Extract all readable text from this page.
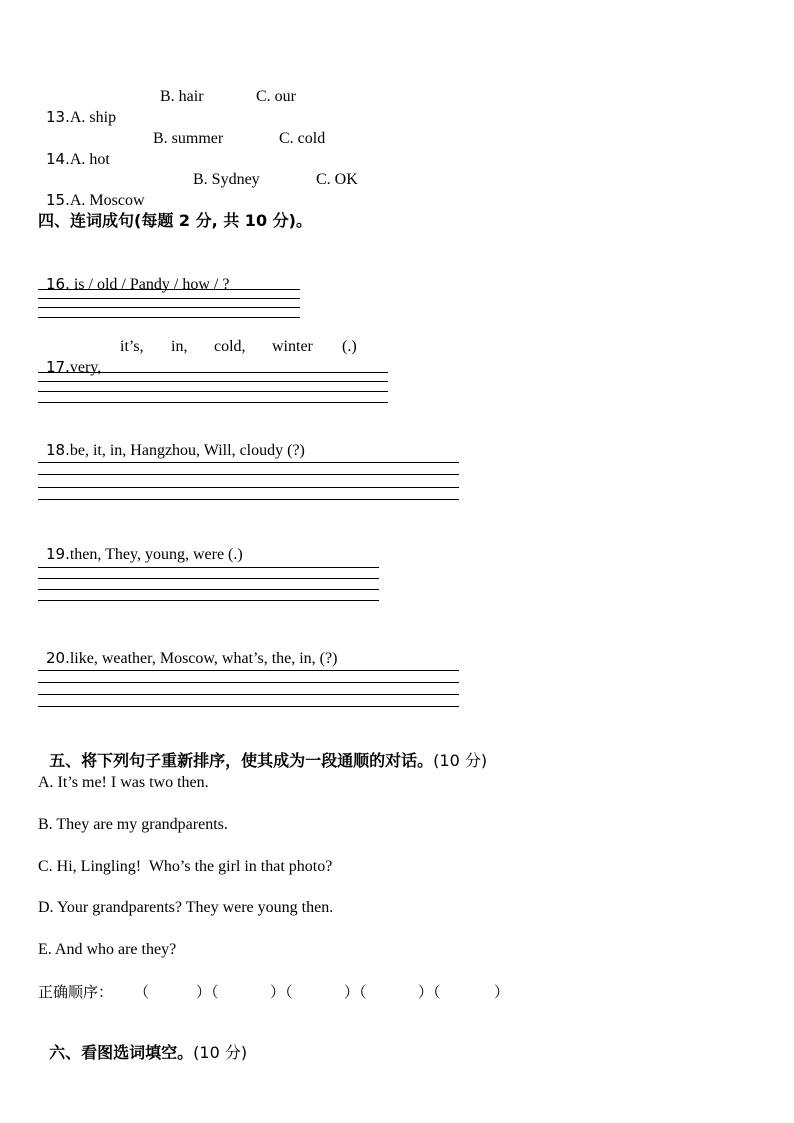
13.A. ship

B. hair	C. our

14.A. hot

B. summer	C. cold

15.A. Moscow

B. Sydney	C. OK
四、连词成句(每题 2 分, 共 10 分)。

16. is / old / Pandy / how / ?

17.very,

it’s, in, cold, winter (.)

18.be, it, in, Hangzhou, Will, cloudy (?)

19.then, They, young, were (.)

20.like, weather, Moscow, what’s, the, in, (?)

五、将下列句子重新排序，使其成为一段通顺的对话。(10 分)

A. It’s me! I was two then.
B. They are my grandparents.
C. Hi, Lingling!  Who’s the girl in that photo?
D. Your grandparents? They were young then.
E. And who are they?
正确顺序： （	）（	）（	）（	）（	）

六、看图选词填空。(10 分)
